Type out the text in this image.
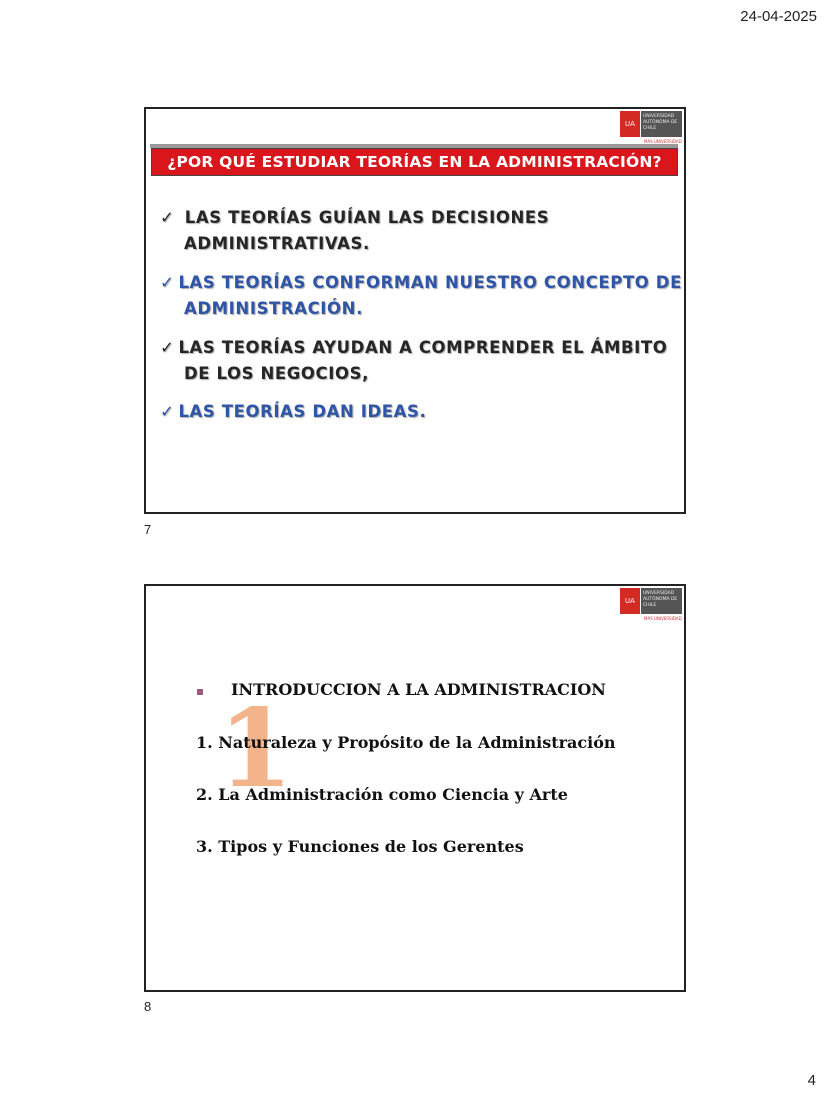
24-04-2025
UA
UNIVERSIDAD AUTÓNOMA DE CHILE
MÁS UNIVERSIDAD
¿POR QUÉ ESTUDIAR TEORÍAS EN LA ADMINISTRACIÓN?
✓ LAS TEORÍAS GUÍAN LAS DECISIONES ADMINISTRATIVAS.
✓ LAS TEORÍAS CONFORMAN NUESTRO CONCEPTO DE ADMINISTRACIÓN.
✓ LAS TEORÍAS AYUDAN A COMPRENDER EL ÁMBITO DE LOS NEGOCIOS,
✓ LAS TEORÍAS DAN IDEAS.
7
UA
UNIVERSIDAD AUTÓNOMA DE CHILE
MÁS UNIVERSIDAD
1
INTRODUCCION A LA ADMINISTRACION
1. Naturaleza y Propósito de la Administración
2. La Administración como Ciencia y Arte
3. Tipos y Funciones de los Gerentes
8
4
